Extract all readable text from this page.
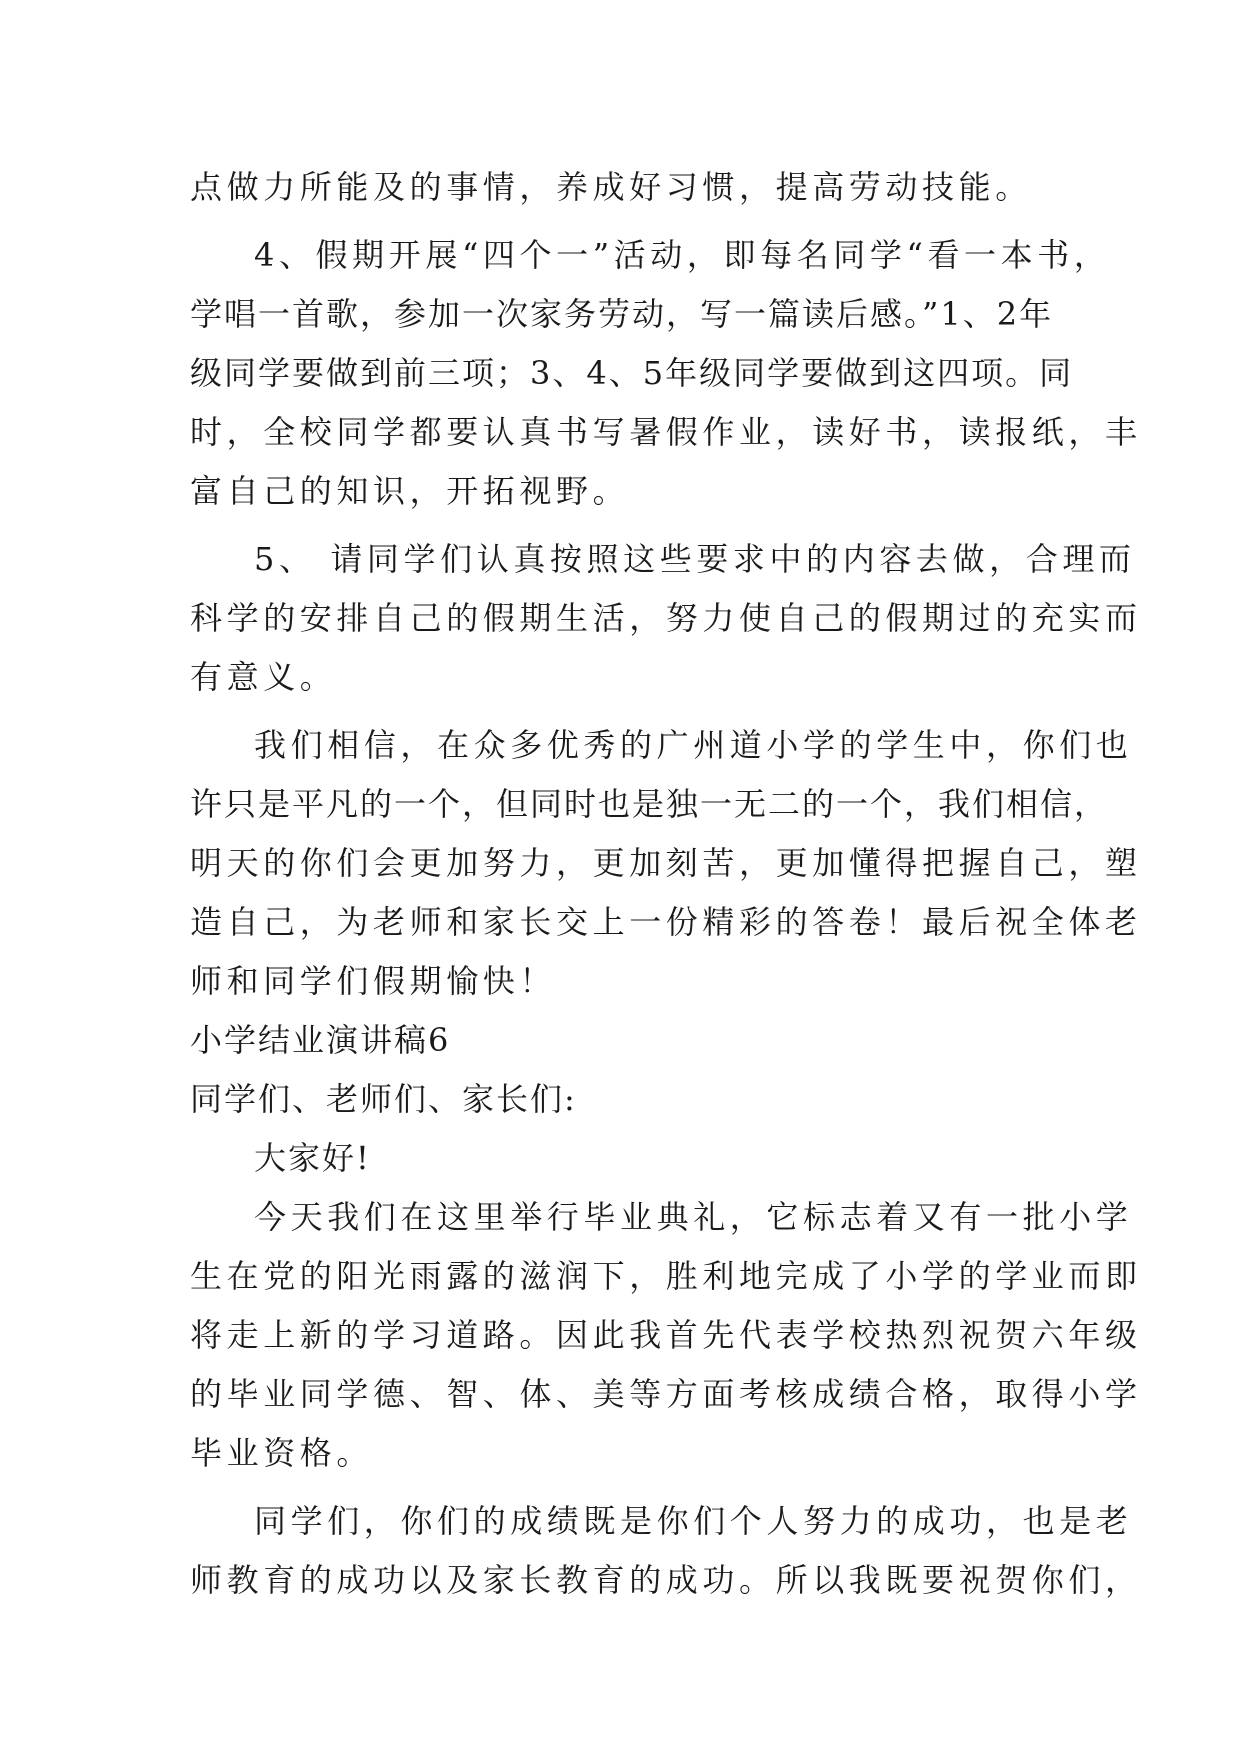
点做力所能及的事情，养成好习惯，提高劳动技能。
4、假期开展“四个一”活动，即每名同学“看一本书，
学唱一首歌，参加一次家务劳动，写一篇读后感。”1、2年
级同学要做到前三项；3、4、5年级同学要做到这四项。同
时，全校同学都要认真书写暑假作业，读好书，读报纸，丰
富自己的知识，开拓视野。
5、 请同学们认真按照这些要求中的内容去做，合理而
科学的安排自己的假期生活，努力使自己的假期过的充实而
有意义。
我们相信，在众多优秀的广州道小学的学生中，你们也
许只是平凡的一个，但同时也是独一无二的一个，我们相信，
明天的你们会更加努力，更加刻苦，更加懂得把握自己，塑
造自己，为老师和家长交上一份精彩的答卷！最后祝全体老
师和同学们假期愉快！
小学结业演讲稿6
同学们、老师们、家长们:
大家好!
今天我们在这里举行毕业典礼，它标志着又有一批小学
生在党的阳光雨露的滋润下，胜利地完成了小学的学业而即
将走上新的学习道路。因此我首先代表学校热烈祝贺六年级
的毕业同学德、智、体、美等方面考核成绩合格，取得小学
毕业资格。
同学们，你们的成绩既是你们个人努力的成功，也是老
师教育的成功以及家长教育的成功。所以我既要祝贺你们，
